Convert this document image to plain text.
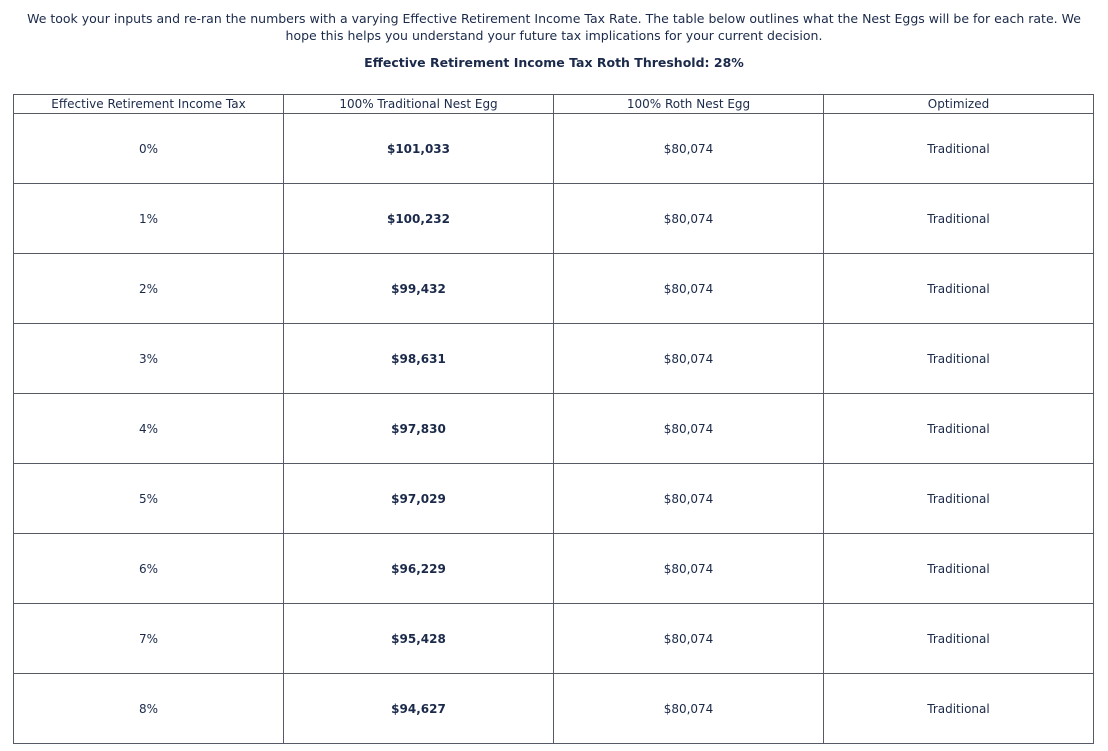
We took your inputs and re-ran the numbers with a varying Effective Retirement Income Tax Rate. The table below outlines what the Nest Eggs will be for each rate. We hope this helps you understand your future tax implications for your current decision.
Effective Retirement Income Tax Roth Threshold: 28%
Effective Retirement Income Tax	100% Traditional Nest Egg	100% Roth Nest Egg	Optimized
0%	$101,033	$80,074	Traditional
1%	$100,232	$80,074	Traditional
2%	$99,432	$80,074	Traditional
3%	$98,631	$80,074	Traditional
4%	$97,830	$80,074	Traditional
5%	$97,029	$80,074	Traditional
6%	$96,229	$80,074	Traditional
7%	$95,428	$80,074	Traditional
8%	$94,627	$80,074	Traditional
